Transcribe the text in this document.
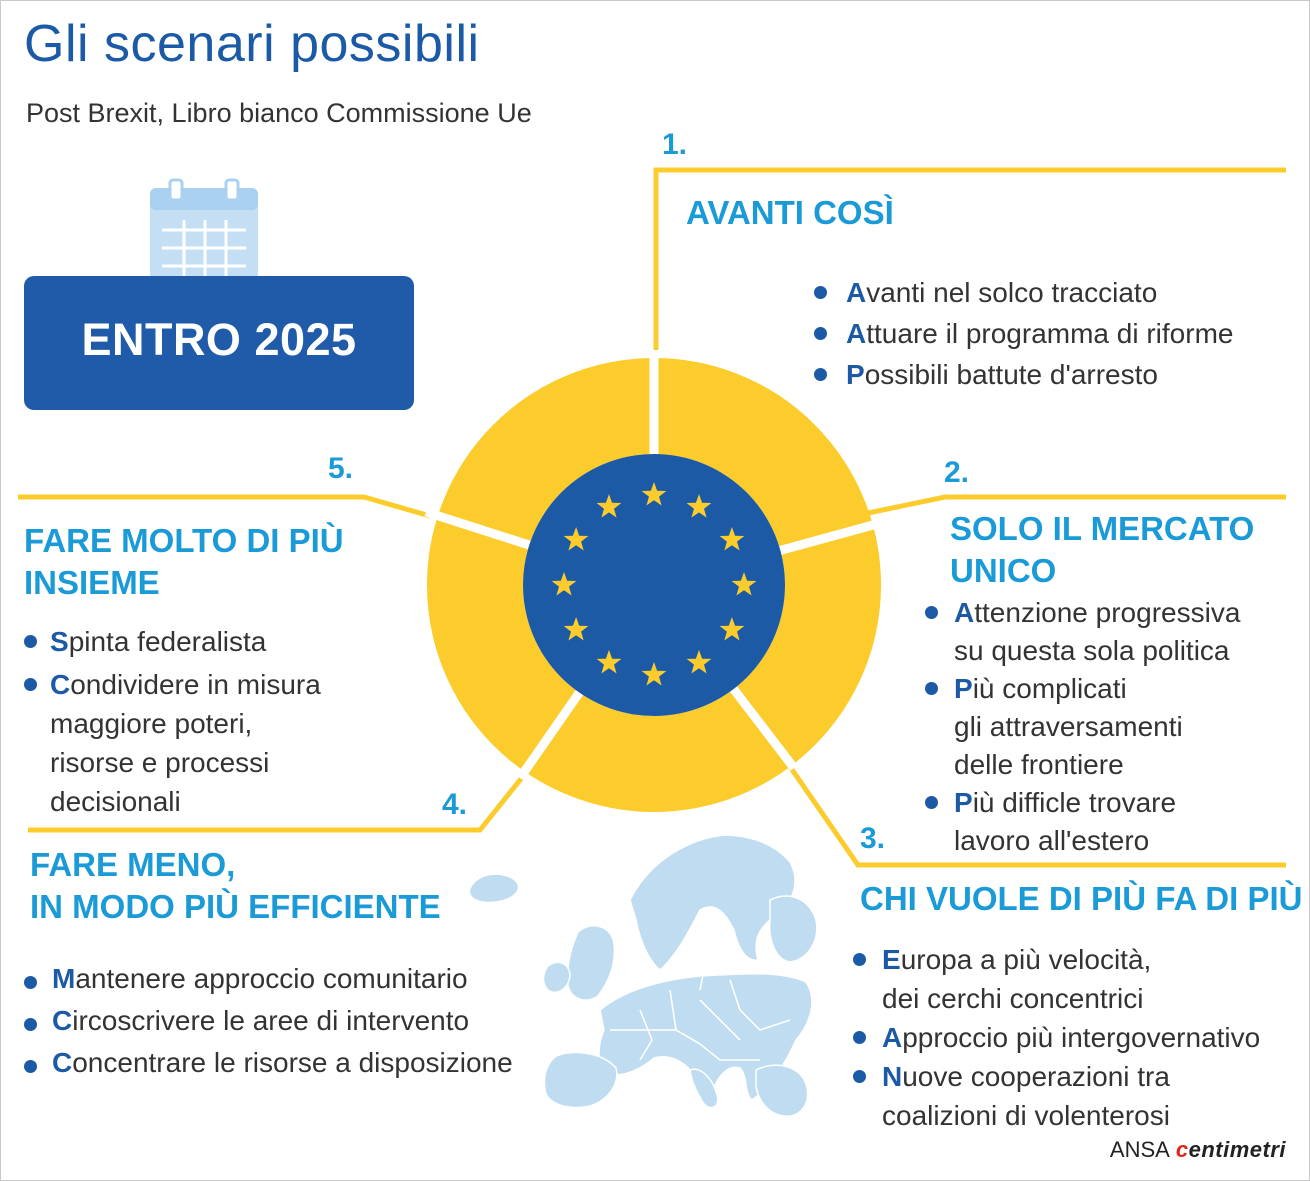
Gli scenari possibili
Post Brexit, Libro bianco Commissione Ue
ENTRO 2025
1.
AVANTI COSÌ
Avanti nel solco tracciato
Attuare il programma di riforme
Possibili battute d'arresto
2.
SOLO IL MERCATO
UNICO
Attenzione progressiva
su questa sola politica
Più complicati
gli attraversamenti
delle frontiere
Più difficle trovare
lavoro all'estero
3.
CHI VUOLE DI PIÙ FA DI PIÙ
Europa a più velocità,
dei cerchi concentrici
Approccio più intergovernativo
Nuove cooperazioni tra
coalizioni di volenterosi
4.
FARE MENO,
IN MODO PIÙ EFFICIENTE
Mantenere approccio comunitario
Circoscrivere le aree di intervento
Concentrare le risorse a disposizione
5.
FARE MOLTO DI PIÙ
INSIEME
Spinta federalista
Condividere in misura
maggiore poteri,
risorse e processi
decisionali
ANSA centimetri
